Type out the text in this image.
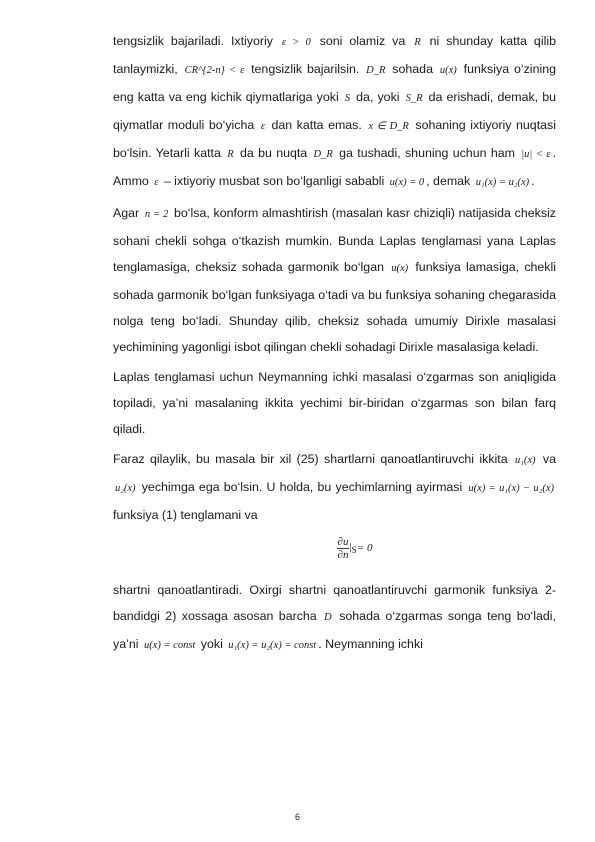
tengsizlik bajariladi. Ixtiyoriy ε > 0 soni olamiz va R ni shunday katta qilib tanlaymizki, CR^{2-n} < ε tengsizlik bajarilsin. D_R sohada u(x) funksiya o‘zining eng katta va eng kichik qiymatlariga yoki S da, yoki S_R da erishadi, demak, bu qiymatlar moduli bo‘yicha ε dan katta emas. x ∈ D_R sohaning ixtiyoriy nuqtasi bo‘lsin. Yetarli katta R da bu nuqta D_R ga tushadi, shuning uchun ham |u| < ε . Ammo ε – ixtiyoriy musbat son bo‘lganligi sababli u(x) = 0 , demak u₁(x) = u₂(x) .

Agar n = 2 bo‘lsa, konform almashtirish (masalan kasr chiziqli) natijasida cheksiz sohani chekli sohga o‘tkazish mumkin. Bunda Laplas tenglamasi yana Laplas tenglamasiga, cheksiz sohada garmonik bo‘lgan u(x) funksiya lamasiga, chekli sohada garmonik bo‘lgan funksiyaga o‘tadi va bu funksiya sohaning chegarasida nolga teng bo‘ladi. Shunday qilib, cheksiz sohada umumiy Dirixle masalasi yechimining yagonligi isbot qilingan chekli sohadagi Dirixle masalasiga keladi.

Laplas tenglamasi uchun Neymanning ichki masalasi o‘zgarmas son aniqligida topiladi, ya’ni masalaning ikkita yechimi bir-biridan o‘zgarmas son bilan farq qiladi.

Faraz qilaylik, bu masala bir xil (25) shartlarni qanoatlantiruvchi ikkita u₁(x) va u₂(x) yechimga ega bo‘lsin. U holda, bu yechimlarning ayirmasi u(x) = u₁(x) − u₂(x) funksiya (1) tenglamani va

$\frac{\partial u}{\partial n} |_S= 0$

shartni qanoatlantiradi. Oxirgi shartni qanoatlantiruvchi garmonik funksiya 2-bandidgi 2) xossaga asosan barcha D sohada o‘zgarmas songa teng bo‘ladi, ya’ni u(x) = const yoki u₁(x) = u₂(x) = const . Neymanning ichki

6
